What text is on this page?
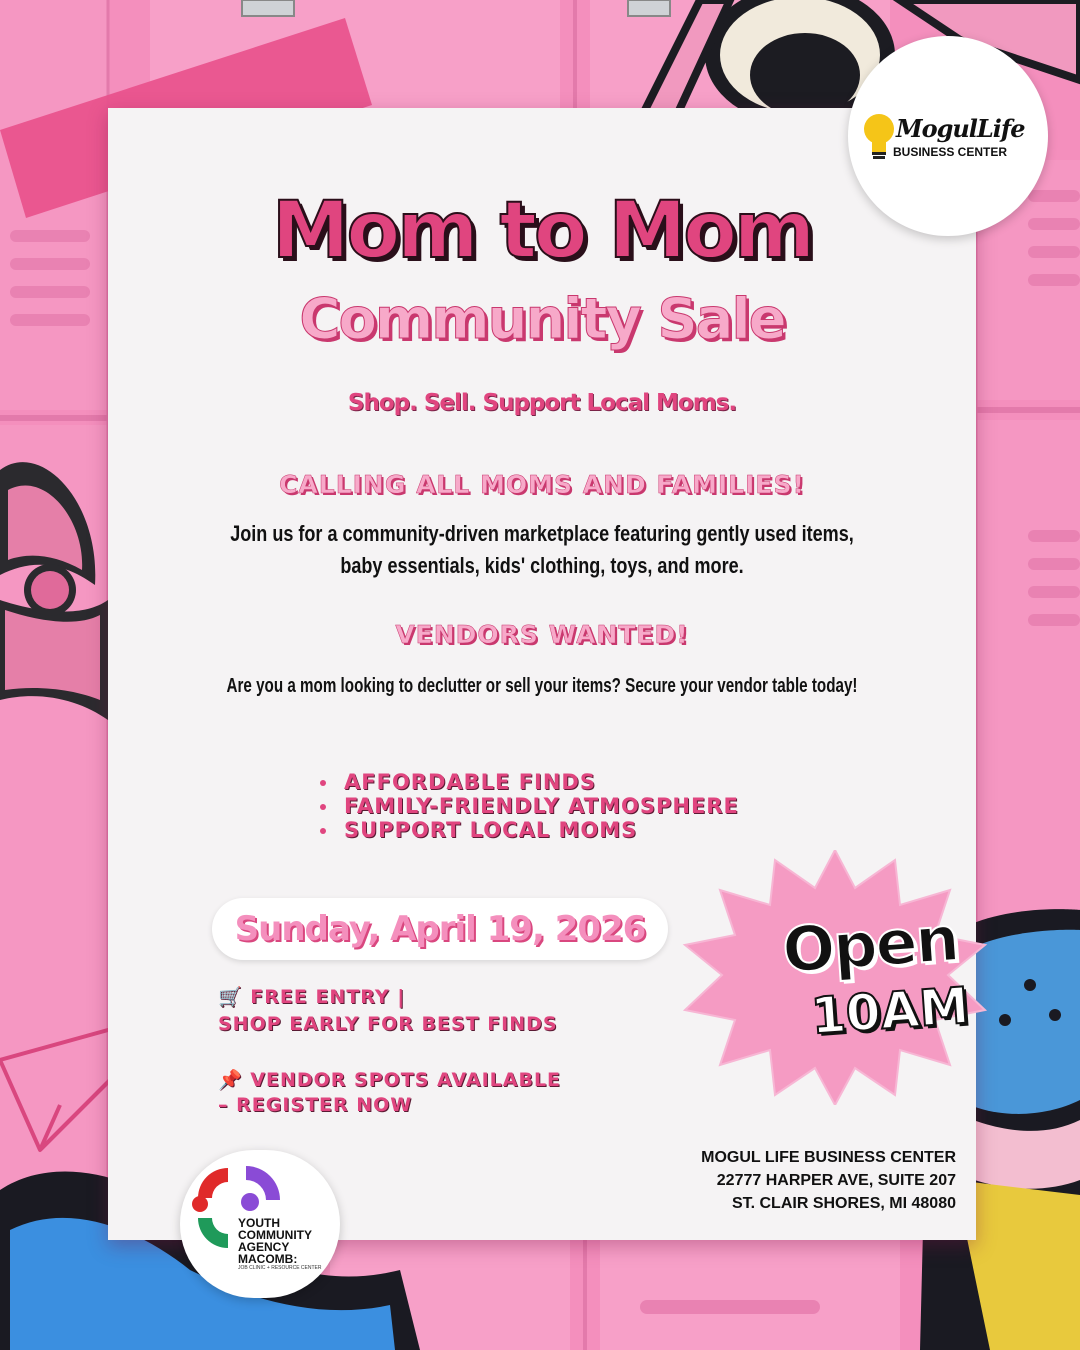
Mom to Mom
Community Sale
Shop. Sell. Support Local Moms.
CALLING ALL MOMS AND FAMILIES!
Join us for a community-driven marketplace featuring gently used items,
baby essentials, kids' clothing, toys, and more.
VENDORS WANTED!
Are you a mom looking to declutter or sell your items? Secure your vendor table today!
AFFORDABLE FINDS
FAMILY-FRIENDLY ATMOSPHERE
SUPPORT LOCAL MOMS
Sunday, April 19, 2026
🛒 FREE ENTRY |
SHOP EARLY FOR BEST FINDS
📌 VENDOR SPOTS AVAILABLE
– REGISTER NOW
Open
10AM
MOGUL LIFE BUSINESS CENTER
22777 HARPER AVE, SUITE 207
ST. CLAIR SHORES, MI 48080
MogulLife
BUSINESS CENTER
YOUTH
COMMUNITY
AGENCY
MACOMB:
JOB CLINIC + RESOURCE CENTER
